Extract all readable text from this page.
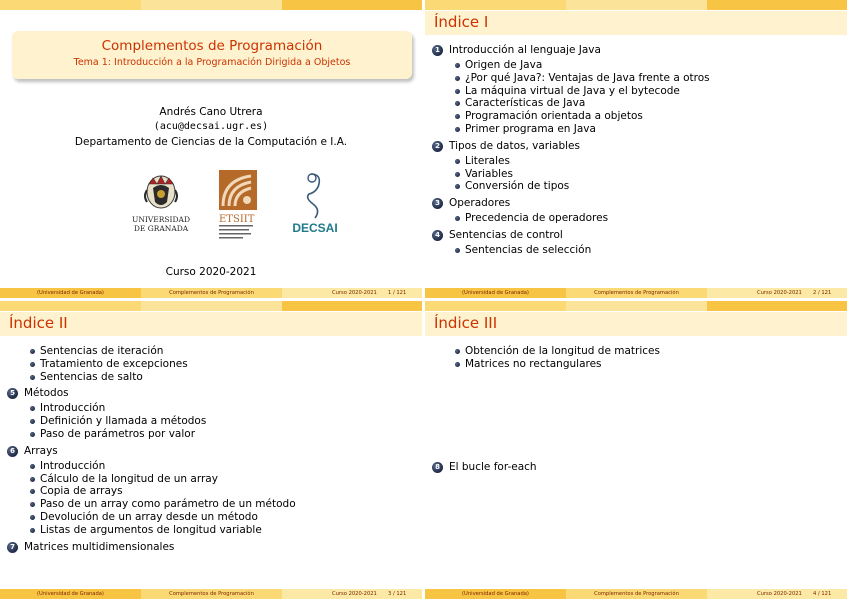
Complementos de Programación
Tema 1: Introducción a la Programación Dirigida a Objetos
Andrés Cano Utrera
(acu@decsai.ugr.es)
Departamento de Ciencias de la Computación e I.A.
UNIVERSIDAD
DE GRANADA
ETSIIT
DECSAI
Curso 2020-2021
(Universidad de Granada)	Complementos de Programación	Curso 2020-2021 1 / 121
Índice I
1 Introducción al lenguaje Java
Origen de Java
¿Por qué Java?: Ventajas de Java frente a otros
La máquina virtual de Java y el bytecode
Características de Java
Programación orientada a objetos
Primer programa en Java
2 Tipos de datos, variables
Literales
Variables
Conversión de tipos
3 Operadores
Precedencia de operadores
4 Sentencias de control
Sentencias de selección
(Universidad de Granada)	Complementos de Programación	Curso 2020-2021 2 / 121
Índice II
Sentencias de iteración
Tratamiento de excepciones
Sentencias de salto
5 Métodos
Introducción
Definición y llamada a métodos
Paso de parámetros por valor
6 Arrays
Introducción
Cálculo de la longitud de un array
Copia de arrays
Paso de un array como parámetro de un método
Devolución de un array desde un método
Listas de argumentos de longitud variable
7 Matrices multidimensionales
(Universidad de Granada)	Complementos de Programación	Curso 2020-2021 3 / 121
Índice III
Obtención de la longitud de matrices
Matrices no rectangulares
8 El bucle for-each
(Universidad de Granada)	Complementos de Programación	Curso 2020-2021 4 / 121
